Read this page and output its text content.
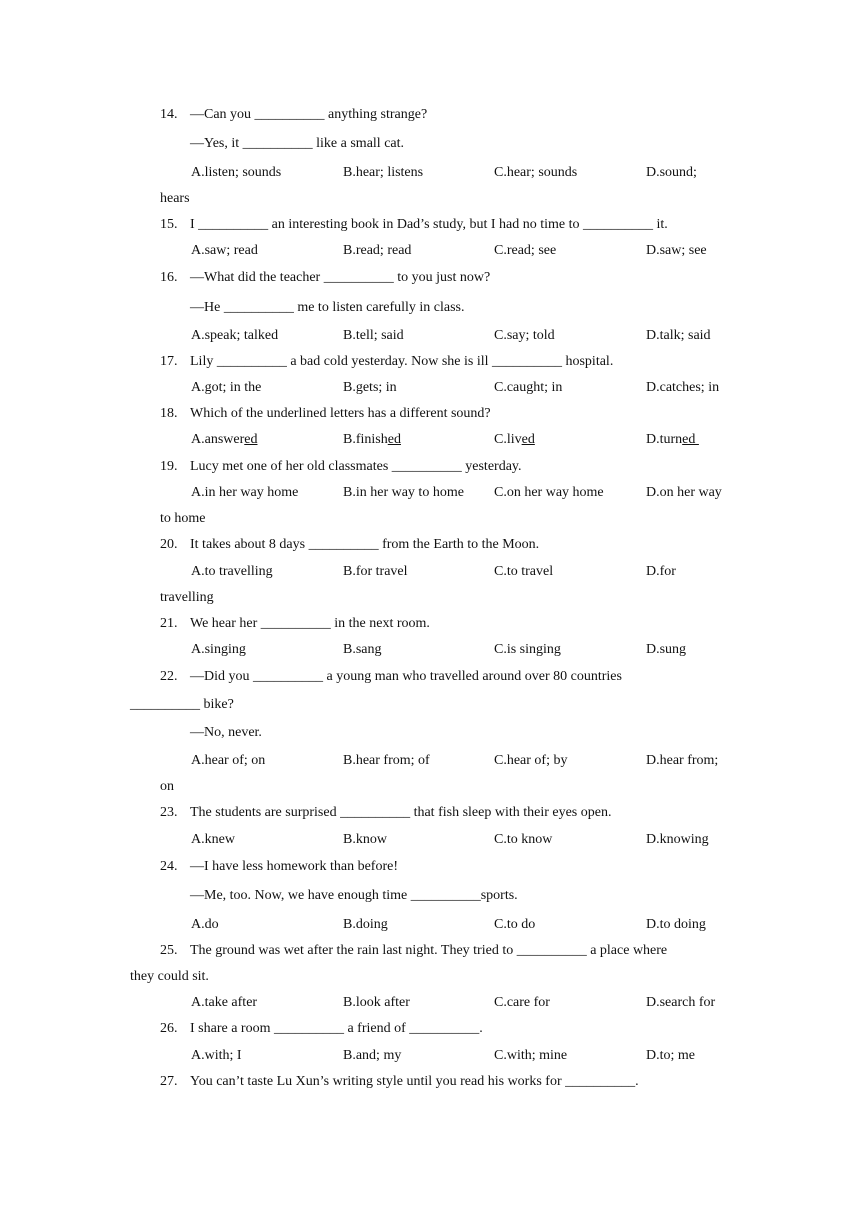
14. —Can you __________ anything strange?
—Yes, it __________ like a small cat.
A.listen; sounds	B.hear; listens	C.hear; sounds	D.sound;
hears
15. I __________ an interesting book in Dad’s study, but I had no time to __________ it.
A.saw; read	B.read; read	C.read; see	D.saw; see
16. —What did the teacher __________ to you just now?
—He __________ me to listen carefully in class.
A.speak; talked	B.tell; said	C.say; told	D.talk; said
17. Lily __________ a bad cold yesterday. Now she is ill __________ hospital.
A.got; in the	B.gets; in	C.caught; in	D.catches; in
18. Which of the underlined letters has a different sound?
A.answered	B.finished	C.lived	D.turned
19. Lucy met one of her old classmates __________ yesterday.
A.in her way home	B.in her way to home C.on her way home	D.on her way
to home
20. It takes about 8 days __________ from the Earth to the Moon.
A.to travelling	B.for travel	C.to travel	D.for
travelling
21. We hear her __________ in the next room.
A.singing	B.sang	C.is singing	D.sung
22. —Did you __________ a young man who travelled around over 80 countries
__________ bike?
—No, never.
A.hear of; on	B.hear from; of	C.hear of; by	D.hear from;
on
23. The students are surprised __________ that fish sleep with their eyes open.
A.knew	B.know	C.to know	D.knowing
24. —I have less homework than before!
—Me, too. Now, we have enough time __________sports.
A.do	B.doing	C.to do	D.to doing
25. The ground was wet after the rain last night. They tried to __________ a place where
they could sit.
A.take after	B.look after	C.care for	D.search for
26. I share a room __________ a friend of __________.
A.with; I	B.and; my	C.with; mine	D.to; me
27. You can’t taste Lu Xun’s writing style until you read his works for __________.
